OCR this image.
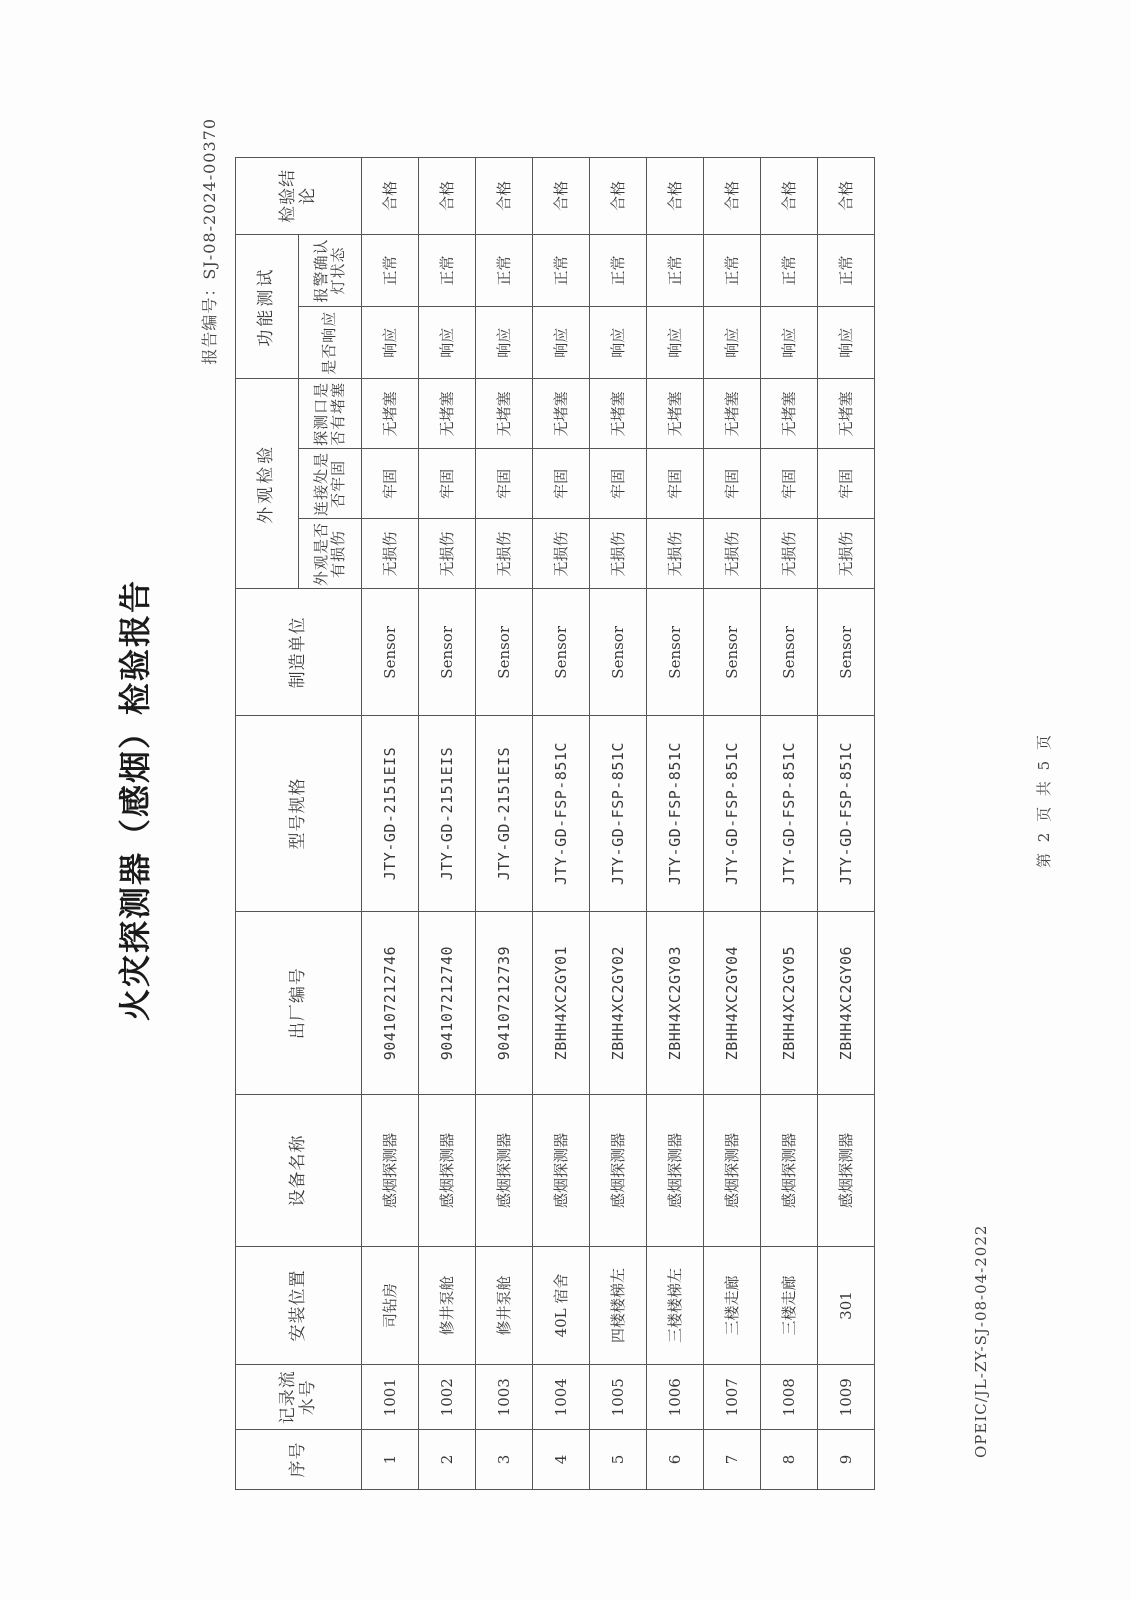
OPEIC/JL-ZY-SJ-08-04-2022
火灾探测器（感烟）检验报告
报告编号：SJ-08-2024-00370
序号	记录流水号	安装位置	设备名称	出厂编号	型号规格	制造单位	外观检验			功能测试		检验结论
							外观是否有损伤	连接处是否牢固	探测口是否有堵塞	是否响应	报警确认灯状态	
1	1001	司钻房	感烟探测器	904107212746	JTY-GD-2151EIS	Sensor	无损伤	牢固	无堵塞	响应	正常	合格
2	1002	修井泵舱	感烟探测器	904107212740	JTY-GD-2151EIS	Sensor	无损伤	牢固	无堵塞	响应	正常	合格
3	1003	修井泵舱	感烟探测器	904107212739	JTY-GD-2151EIS	Sensor	无损伤	牢固	无堵塞	响应	正常	合格
4	1004	40L 宿舍	感烟探测器	ZBHH4XC2GY01	JTY-GD-FSP-851C	Sensor	无损伤	牢固	无堵塞	响应	正常	合格
5	1005	四楼楼梯左	感烟探测器	ZBHH4XC2GY02	JTY-GD-FSP-851C	Sensor	无损伤	牢固	无堵塞	响应	正常	合格
6	1006	三楼楼梯左	感烟探测器	ZBHH4XC2GY03	JTY-GD-FSP-851C	Sensor	无损伤	牢固	无堵塞	响应	正常	合格
7	1007	三楼走廊	感烟探测器	ZBHH4XC2GY04	JTY-GD-FSP-851C	Sensor	无损伤	牢固	无堵塞	响应	正常	合格
8	1008	三楼走廊	感烟探测器	ZBHH4XC2GY05	JTY-GD-FSP-851C	Sensor	无损伤	牢固	无堵塞	响应	正常	合格
9	1009	301	感烟探测器	ZBHH4XC2GY06	JTY-GD-FSP-851C	Sensor	无损伤	牢固	无堵塞	响应	正常	合格
第 2 页 共 5 页
